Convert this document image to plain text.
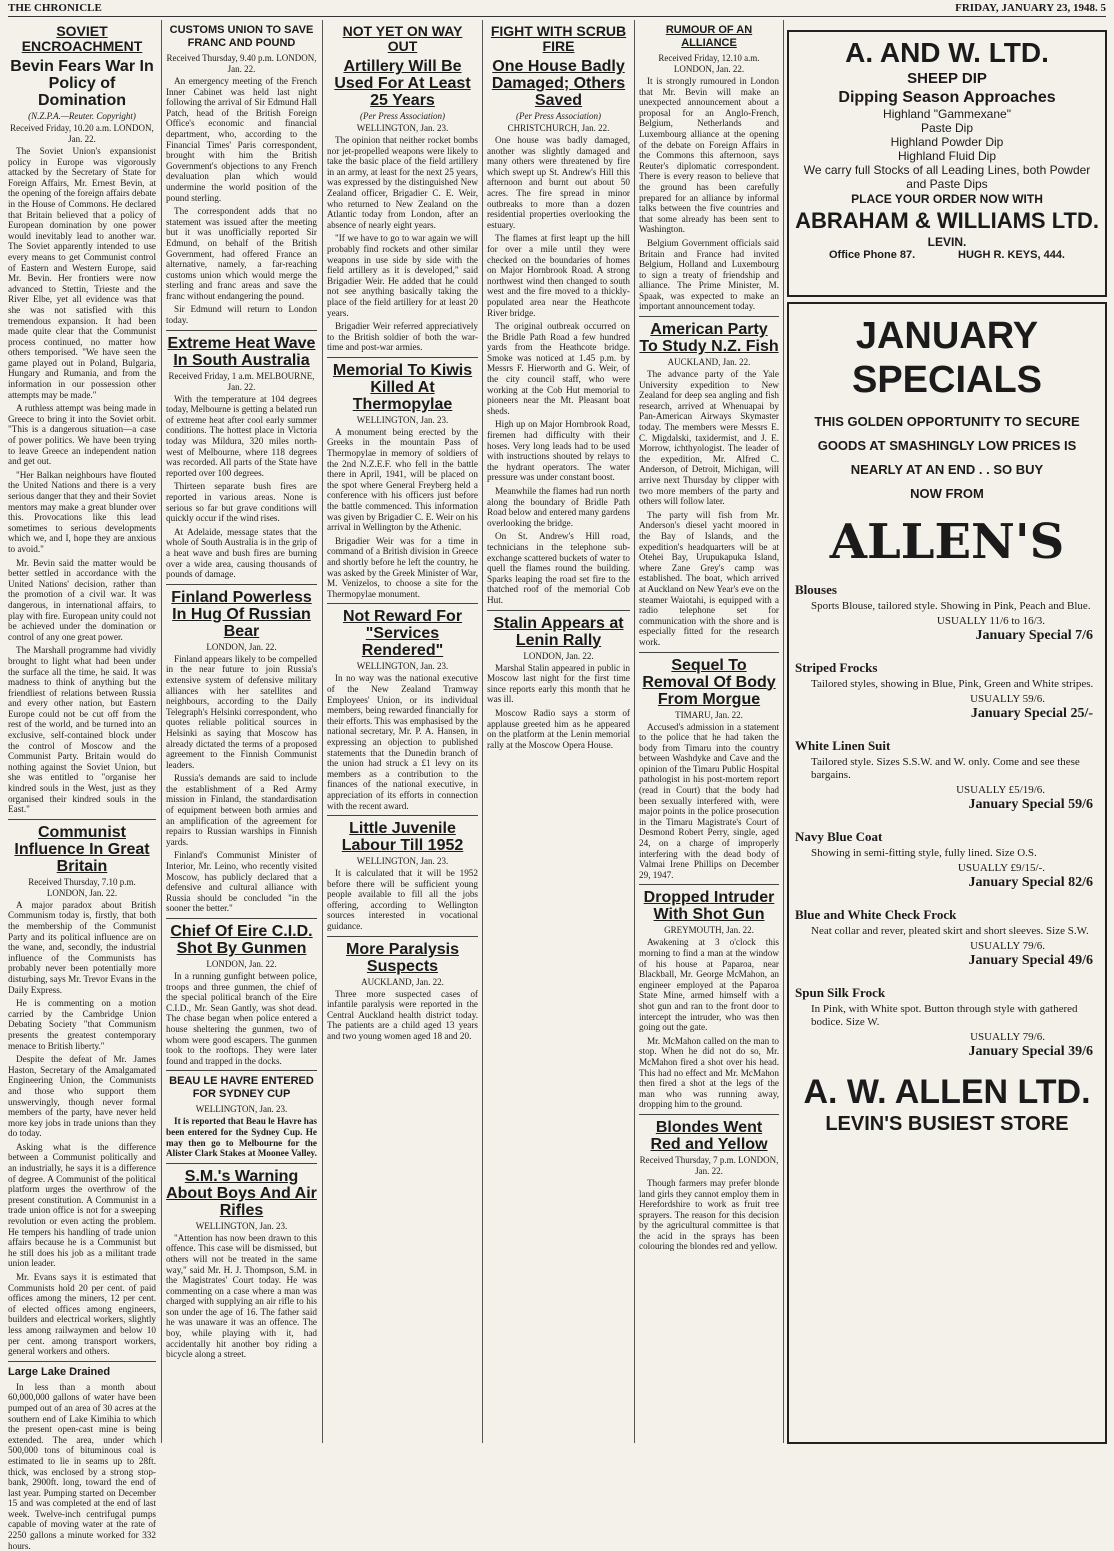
THE CHRONICLE	FRIDAY, JANUARY 23, 1948. 5
SOVIET ENCROACHMENT
Bevin Fears War In Policy of Domination
(N.Z.P.A.—Reuter. Copyright)
Received Friday, 10.20 a.m. LONDON, Jan. 22.

The Soviet Union's expansionist policy in Europe was vigorously attacked by the Secretary of State for Foreign Affairs, Mr. Ernest Bevin, at the opening of the foreign affairs debate in the House of Commons. He declared that Britain believed that a policy of European domination by one power would inevitably lead to another war. The Soviet apparently intended to use every means to get Communist control of Eastern and Western Europe, said Mr. Bevin. Her frontiers were now advanced to Stettin, Trieste and the River Elbe, yet all evidence was that she was not satisfied with this tremendous expansion. It had been made quite clear that the Communist process continued, no matter how others temporised. "We have seen the game played out in Poland, Bulgaria, Hungary and Rumania, and from the information in our possession other attempts may be made."

A ruthless attempt was being made in Greece to bring it into the Soviet orbit. "This is a dangerous situation—a case of power politics. We have been trying to leave Greece an independent nation and get out.

"Her Balkan neighbours have flouted the United Nations and there is a very serious danger that they and their Soviet mentors may make a great blunder over this. Provocations like this lead sometimes to serious developments which we, and I, hope they are anxious to avoid."

Mr. Bevin said the matter would be better settled in accordance with the United Nations' decision, rather than the promotion of a civil war. It was dangerous, in international affairs, to play with fire. European unity could not be achieved under the domination or control of any one great power.

The Marshall programme had vividly brought to light what had been under the surface all the time, he said. It was madness to think of anything but the friendliest of relations between Russia and every other nation, but Eastern Europe could not be cut off from the rest of the world, and be turned into an exclusive, self-contained block under the control of Moscow and the Communist Party. Britain would do nothing against the Soviet Union, but she was entitled to "organise her kindred souls in the West, just as they organised their kindred souls in the East."

Communist Influence In Great Britain
Received Thursday, 7.10 p.m. LONDON, Jan. 22.

A major paradox about British Communism today is, firstly, that both the membership of the Communist Party and its political influence are on the wane, and, secondly, the industrial influence of the Communists has probably never been potentially more disturbing, says Mr. Trevor Evans in the Daily Express.

He is commenting on a motion carried by the Cambridge Union Debating Society "that Communism presents the greatest contemporary menace to British liberty."

Despite the defeat of Mr. James Haston, Secretary of the Amalgamated Engineering Union, the Communists and those who support them unswervingly, though never formal members of the party, have never held more key jobs in trade unions than they do today.

Asking what is the difference between a Communist politically and an industrially, he says it is a difference of degree. A Communist of the political platform urges the overthrow of the present constitution. A Communist in a trade union office is not for a sweeping revolution or even acting the problem. He tempers his handling of trade union affairs because he is a Communist but he still does his job as a militant trade union leader.

Mr. Evans says it is estimated that Communists hold 20 per cent. of paid offices among the miners, 12 per cent. of elected offices among engineers, builders and electrical workers, slightly less among railwaymen and below 10 per cent. among transport workers, general workers and others.

Large Lake Drained

In less than a month about 60,000,000 gallons of water have been pumped out of an area of 30 acres at the southern end of Lake Kimihia to which the present open-cast mine is being extended. The area, under which 500,000 tons of bituminous coal is estimated to lie in seams up to 28ft. thick, was enclosed by a strong stop-bank, 2900ft. long, toward the end of last year. Pumping started on December 15 and was completed at the end of last week. Twelve-inch centrifugal pumps capable of moving water at the rate of 2250 gallons a minute worked for 332 hours.

CUSTOMS UNION TO SAVE FRANC AND POUND
Received Thursday, 9.40 p.m. LONDON, Jan. 22.

An emergency meeting of the French Inner Cabinet was held last night following the arrival of Sir Edmund Hall Patch, head of the British Foreign Office's economic and financial department, who, according to the Financial Times' Paris correspondent, brought with him the British Government's objections to any French devaluation plan which would undermine the world position of the pound sterling.

The correspondent adds that no statement was issued after the meeting but it was unofficially reported Sir Edmund, on behalf of the British Government, had offered France an alternative, namely, a far-reaching customs union which would merge the sterling and franc areas and save the franc without endangering the pound.

Sir Edmund will return to London today.

Extreme Heat Wave In South Australia
Received Friday, 1 a.m. MELBOURNE, Jan. 22.

With the temperature at 104 degrees today, Melbourne is getting a belated run of extreme heat after cool early summer conditions. The hottest place in Victoria today was Mildura, 320 miles north-west of Melbourne, where 118 degrees was recorded. All parts of the State have reported over 100 degrees.

Thirteen separate bush fires are reported in various areas. None is serious so far but grave conditions will quickly occur if the wind rises.

At Adelaide, message states that the whole of South Australia is in the grip of a heat wave and bush fires are burning over a wide area, causing thousands of pounds of damage.

Finland Powerless In Hug Of Russian Bear
LONDON, Jan. 22.

Finland appears likely to be compelled in the near future to join Russia's extensive system of defensive military alliances with her satellites and neighbours, according to the Daily Telegraph's Helsinki correspondent, who quotes reliable political sources in Helsinki as saying that Moscow has already dictated the terms of a proposed agreement to the Finnish Communist leaders.

Russia's demands are said to include the establishment of a Red Army mission in Finland, the standardisation of equipment between both armies and an amplification of the agreement for repairs to Russian warships in Finnish yards.

Finland's Communist Minister of Interior, Mr. Leino, who recently visited Moscow, has publicly declared that a defensive and cultural alliance with Russia should be concluded "in the sooner the better."

Chief Of Eire C.I.D. Shot By Gunmen
LONDON, Jan. 22.

In a running gunfight between police, troops and three gunmen, the chief of the special political branch of the Eire C.I.D., Mr. Sean Gantly, was shot dead. The chase began when police entered a house sheltering the gunmen, two of whom were good escapers. The gunmen took to the rooftops. They were later found and trapped in the docks.

BEAU LE HAVRE ENTERED FOR SYDNEY CUP
WELLINGTON, Jan. 23.

It is reported that Beau le Havre has been entered for the Sydney Cup. He may then go to Melbourne for the Alister Clark Stakes at Moonee Valley.

S.M.'s Warning About Boys And Air Rifles
WELLINGTON, Jan. 23.

"Attention has now been drawn to this offence. This case will be dismissed, but others will not be treated in the same way," said Mr. H. J. Thompson, S.M. in the Magistrates' Court today. He was commenting on a case where a man was charged with supplying an air rifle to his son under the age of 16. The father said he was unaware it was an offence. The boy, while playing with it, had accidentally hit another boy riding a bicycle along a street.

NOT YET ON WAY OUT
Artillery Will Be Used For At Least 25 Years
(Per Press Association)
WELLINGTON, Jan. 23.

The opinion that neither rocket bombs nor jet-propelled weapons were likely to take the basic place of the field artillery in an army, at least for the next 25 years, was expressed by the distinguished New Zealand officer, Brigadier C. E. Weir, who returned to New Zealand on the Atlantic today from London, after an absence of nearly eight years.

"If we have to go to war again we will probably find rockets and other similar weapons in use side by side with the field artillery as it is developed," said Brigadier Weir. He added that he could not see anything basically taking the place of the field artillery for at least 20 years.

Brigadier Weir referred appreciatively to the British soldier of both the war-time and post-war armies.

Memorial To Kiwis Killed At Thermopylae
WELLINGTON, Jan. 23.

A monument being erected by the Greeks in the mountain Pass of Thermopylae in memory of soldiers of the 2nd N.Z.E.F. who fell in the battle there in April, 1941, will be placed on the spot where General Freyberg held a conference with his officers just before the battle commenced. This information was given by Brigadier C. E. Weir on his arrival in Wellington by the Athenic.

Brigadier Weir was for a time in command of a British division in Greece and shortly before he left the country, he was asked by the Greek Minister of War, M. Venizelos, to choose a site for the Thermopylae monument.

Not Reward For "Services Rendered"
WELLINGTON, Jan. 23.

In no way was the national executive of the New Zealand Tramway Employees' Union, or its individual members, being rewarded financially for their efforts. This was emphasised by the national secretary, Mr. P. A. Hansen, in expressing an objection to published statements that the Dunedin branch of the union had struck a £1 levy on its members as a contribution to the finances of the national executive, in appreciation of its efforts in connection with the recent award.

Little Juvenile Labour Till 1952
WELLINGTON, Jan. 23.

It is calculated that it will be 1952 before there will be sufficient young people available to fill all the jobs offering, according to Wellington sources interested in vocational guidance.

More Paralysis Suspects
AUCKLAND, Jan. 22.

Three more suspected cases of infantile paralysis were reported in the Central Auckland health district today. The patients are a child aged 13 years and two young women aged 18 and 20.

FIGHT WITH SCRUB FIRE
One House Badly Damaged; Others Saved
(Per Press Association)
CHRISTCHURCH, Jan. 22.

One house was badly damaged, another was slightly damaged and many others were threatened by fire which swept up St. Andrew's Hill this afternoon and burnt out about 50 acres. The fire spread in minor outbreaks to more than a dozen residential properties overlooking the estuary.

The flames at first leapt up the hill for over a mile until they were checked on the boundaries of homes on Major Hornbrook Road. A strong northwest wind then changed to south west and the fire moved to a thickly-populated area near the Heathcote River bridge.

The original outbreak occurred on the Bridle Path Road a few hundred yards from the Heathcote bridge. Smoke was noticed at 1.45 p.m. by Messrs F. Hierworth and G. Weir, of the city council staff, who were working at the Cob Hut memorial to pioneers near the Mt. Pleasant boat sheds.

High up on Major Hornbrook Road, firemen had difficulty with their hoses. Very long leads had to be used with instructions shouted by relays to the hydrant operators. The water pressure was under constant boost.

Meanwhile the flames had run north along the boundary of Bridle Path Road below and entered many gardens overlooking the bridge.

On St. Andrew's Hill road, technicians in the telephone sub-exchange scattered buckets of water to quell the flames round the building. Sparks leaping the road set fire to the thatched roof of the memorial Cob Hut.

Stalin Appears at Lenin Rally
LONDON, Jan. 22.

Marshal Stalin appeared in public in Moscow last night for the first time since reports early this month that he was ill.

Moscow Radio says a storm of applause greeted him as he appeared on the platform at the Lenin memorial rally at the Moscow Opera House.

RUMOUR OF AN ALLIANCE
Received Friday, 12.10 a.m. LONDON, Jan. 22.

It is strongly rumoured in London that Mr. Bevin will make an unexpected announcement about a proposal for an Anglo-French, Belgium, Netherlands and Luxembourg alliance at the opening of the debate on Foreign Affairs in the Commons this afternoon, says Reuter's diplomatic correspondent. There is every reason to believe that the ground has been carefully prepared for an alliance by informal talks between the five countries and that some already has been sent to Washington.

Belgium Government officials said Britain and France had invited Belgium, Holland and Luxembourg to sign a treaty of friendship and alliance. The Prime Minister, M. Spaak, was expected to make an important announcement today.

American Party To Study N.Z. Fish
AUCKLAND, Jan. 22.

The advance party of the Yale University expedition to New Zealand for deep sea angling and fish research, arrived at Whenuapai by Pan-American Airways Skymaster today. The members were Messrs E. C. Migdalski, taxidermist, and J. E. Morrow, ichthyologist. The leader of the expedition, Mr. Alfred C. Anderson, of Detroit, Michigan, will arrive next Thursday by clipper with two more members of the party and others will follow later.

The party will fish from Mr. Anderson's diesel yacht moored in the Bay of Islands, and the expedition's headquarters will be at Otehei Bay, Urupukapuka Island, where Zane Grey's camp was established. The boat, which arrived at Auckland on New Year's eve on the steamer Waiotahi, is equipped with a radio telephone set for communication with the shore and is especially fitted for the research work.

Sequel To Removal Of Body From Morgue
TIMARU, Jan. 22.

Accused's admission in a statement to the police that he had taken the body from Timaru into the country between Washdyke and Cave and the opinion of the Timaru Public Hospital pathologist in his post-mortem report (read in Court) that the body had been sexually interfered with, were major points in the police prosecution in the Timaru Magistrate's Court of Desmond Robert Perry, single, aged 24, on a charge of improperly interfering with the dead body of Valmai Irene Phillips on December 29, 1947.

Dropped Intruder With Shot Gun
GREYMOUTH, Jan. 22.

Awakening at 3 o'clock this morning to find a man at the window of his house at Paparoa, near Blackball, Mr. George McMahon, an engineer employed at the Paparoa State Mine, armed himself with a shot gun and ran to the front door to intercept the intruder, who was then going out the gate.

Mr. McMahon called on the man to stop. When he did not do so, Mr. McMahon fired a shot over his head. This had no effect and Mr. McMahon then fired a shot at the legs of the man who was running away, dropping him to the ground.

Blondes Went Red and Yellow
Received Thursday, 7 p.m. LONDON, Jan. 22.

Though farmers may prefer blonde land girls they cannot employ them in Herefordshire to work as fruit tree sprayers. The reason for this decision by the agricultural committee is that the acid in the sprays has been colouring the blondes red and yellow.

A. AND W. LTD.
SHEEP DIP
Dipping Season Approaches
Highland "Gammexane"
Paste Dip
Highland Powder Dip
Highland Fluid Dip
We carry full Stocks of all Leading Lines, both Powder and Paste Dips
PLACE YOUR ORDER NOW WITH
ABRAHAM & WILLIAMS LTD.
LEVIN.
Office Phone 87.	HUGH R. KEYS, 444.
JANUARY
SPECIALS
THIS GOLDEN OPPORTUNITY TO SECURE
GOODS AT SMASHINGLY LOW PRICES IS
NEARLY AT AN END . . SO BUY
NOW FROM
ALLEN'S
Blouses
Sports Blouse, tailored style. Showing in Pink, Peach and Blue.
USUALLY 11/6 to 16/3.
January Special 7/6
Striped Frocks
Tailored styles, showing in Blue, Pink, Green and White stripes.
USUALLY 59/6.
January Special 25/-
White Linen Suit
Tailored style. Sizes S.S.W. and W. only. Come and see these bargains.
USUALLY £5/19/6.
January Special 59/6
Navy Blue Coat
Showing in semi-fitting style, fully lined. Size O.S.
USUALLY £9/15/-.
January Special 82/6
Blue and White Check Frock
Neat collar and rever, pleated skirt and short sleeves. Size S.W.
USUALLY 79/6.
January Special 49/6
Spun Silk Frock
In Pink, with White spot. Button through style with gathered bodice. Size W.
USUALLY 79/6.
January Special 39/6
A. W. ALLEN LTD.
LEVIN'S BUSIEST STORE
